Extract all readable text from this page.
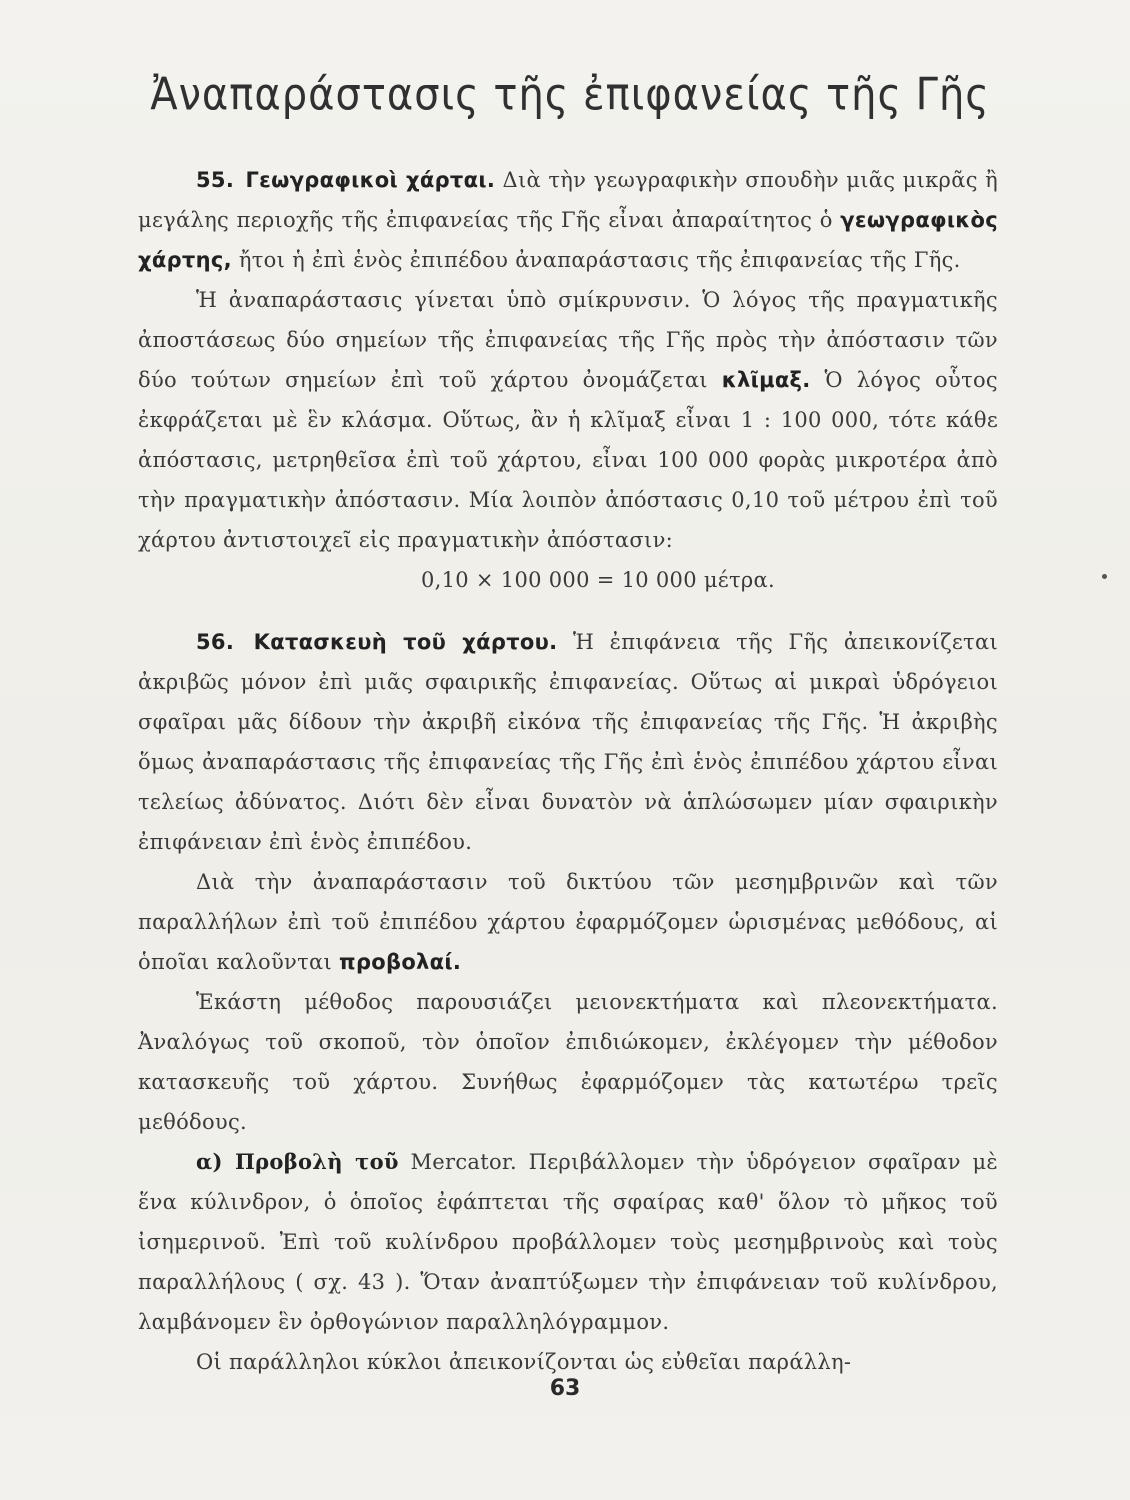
Ἀναπαράστασις τῆς ἐπιφανείας τῆς Γῆς

55. Γεωγραφικοὶ χάρται. Διὰ τὴν γεωγραφικὴν σπουδὴν μιᾶς μικρᾶς ἢ μεγάλης περιοχῆς τῆς ἐπιφανείας τῆς Γῆς εἶναι ἀπαραίτητος ὁ γεωγραφικὸς χάρτης, ἤτοι ἡ ἐπὶ ἑνὸς ἐπιπέδου ἀναπαράστασις τῆς ἐπιφανείας τῆς Γῆς.

Ἡ ἀναπαράστασις γίνεται ὑπὸ σμίκρυνσιν. Ὁ λόγος τῆς πραγματικῆς ἀποστάσεως δύο σημείων τῆς ἐπιφανείας τῆς Γῆς πρὸς τὴν ἀπόστασιν τῶν δύο τούτων σημείων ἐπὶ τοῦ χάρτου ὀνομάζεται κλῖμαξ. Ὁ λόγος οὗτος ἐκφράζεται μὲ ἓν κλάσμα. Οὕτως, ἂν ἡ κλῖμαξ εἶναι 1 : 100 000, τότε κάθε ἀπόστασις, μετρηθεῖσα ἐπὶ τοῦ χάρτου, εἶναι 100 000 φορὰς μικροτέρα ἀπὸ τὴν πραγματικὴν ἀπόστασιν. Μία λοιπὸν ἀπόστασις 0,10 τοῦ μέτρου ἐπὶ τοῦ χάρτου ἀντιστοιχεῖ εἰς πραγματικὴν ἀπόστασιν:

0,10 × 100 000 = 10 000 μέτρα.

56. Κατασκευὴ τοῦ χάρτου. Ἡ ἐπιφάνεια τῆς Γῆς ἀπεικονίζεται ἀκριβῶς μόνον ἐπὶ μιᾶς σφαιρικῆς ἐπιφανείας. Οὕτως αἱ μικραὶ ὑδρόγειοι σφαῖραι μᾶς δίδουν τὴν ἀκριβῆ εἰκόνα τῆς ἐπιφανείας τῆς Γῆς. Ἡ ἀκριβὴς ὅμως ἀναπαράστασις τῆς ἐπιφανείας τῆς Γῆς ἐπὶ ἑνὸς ἐπιπέδου χάρτου εἶναι τελείως ἀδύνατος. Διότι δὲν εἶναι δυνατὸν νὰ ἁπλώσωμεν μίαν σφαιρικὴν ἐπιφάνειαν ἐπὶ ἑνὸς ἐπιπέδου.

Διὰ τὴν ἀναπαράστασιν τοῦ δικτύου τῶν μεσημβρινῶν καὶ τῶν παραλλήλων ἐπὶ τοῦ ἐπιπέδου χάρτου ἐφαρμόζομεν ὡρισμένας μεθόδους, αἱ ὁποῖαι καλοῦνται προβολαί.

Ἑκάστη μέθοδος παρουσιάζει μειονεκτήματα καὶ πλεονεκτήματα. Ἀναλόγως τοῦ σκοποῦ, τὸν ὁποῖον ἐπιδιώκομεν, ἐκλέγομεν τὴν μέθοδον κατασκευῆς τοῦ χάρτου. Συνήθως ἐφαρμόζομεν τὰς κατωτέρω τρεῖς μεθόδους.

α) Προβολὴ τοῦ Mercator. Περιβάλλομεν τὴν ὑδρόγειον σφαῖραν μὲ ἕνα κύλινδρον, ὁ ὁποῖος ἐφάπτεται τῆς σφαίρας καθ' ὅλον τὸ μῆκος τοῦ ἰσημερινοῦ. Ἐπὶ τοῦ κυλίνδρου προβάλλομεν τοὺς μεσημβρινοὺς καὶ τοὺς παραλλήλους ( σχ. 43 ). Ὅταν ἀναπτύξωμεν τὴν ἐπιφάνειαν τοῦ κυλίνδρου, λαμβάνομεν ἓν ὀρθογώνιον παραλληλόγραμμον.

Οἱ παράλληλοι κύκλοι ἀπεικονίζονται ὡς εὐθεῖαι παράλλη-

63
